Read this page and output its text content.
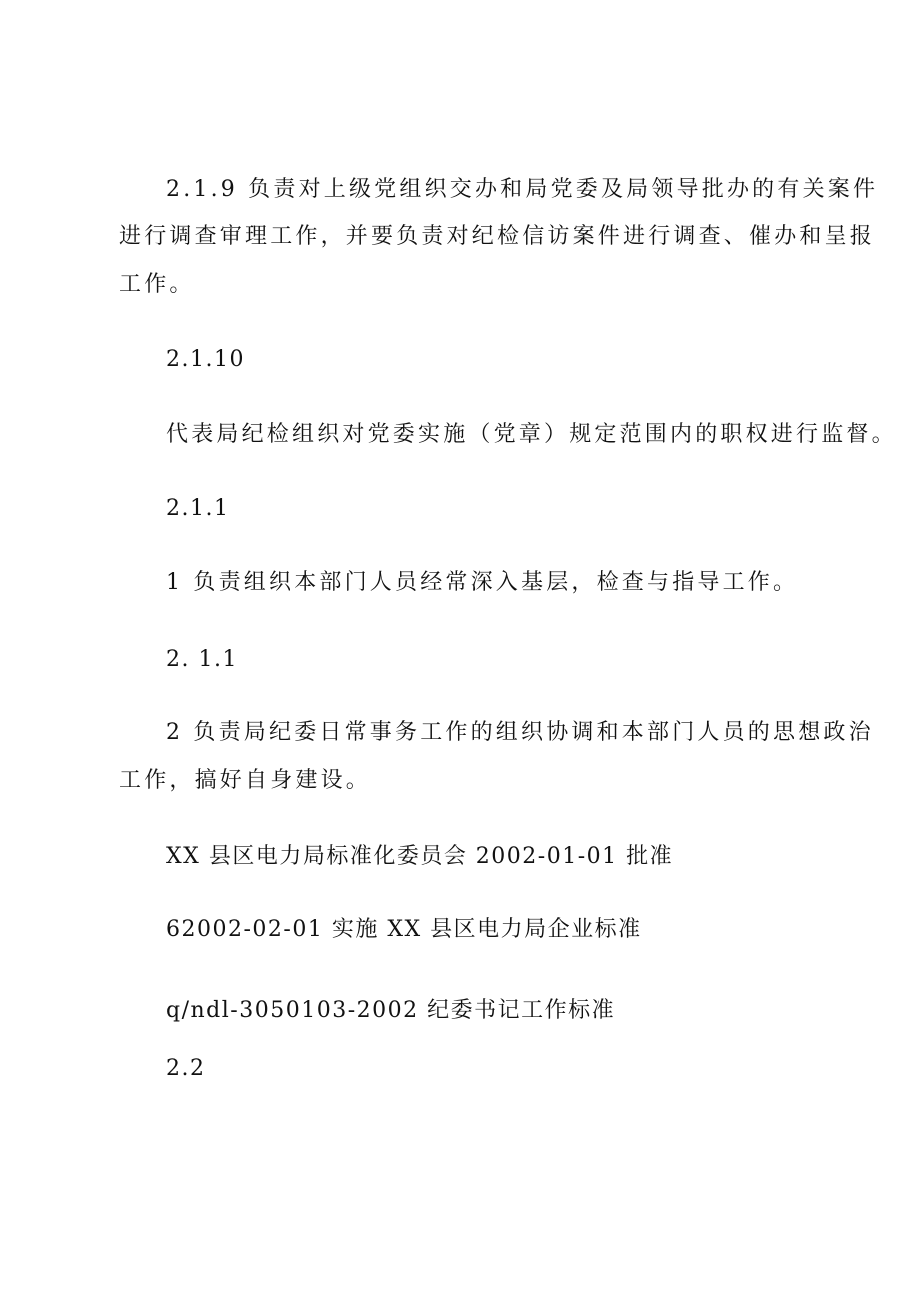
2.1.9 负责对上级党组织交办和局党委及局领导批办的有关案件
进行调查审理工作，并要负责对纪检信访案件进行调查、催办和呈报
工作。
2.1.10
代表局纪检组织对党委实施（党章）规定范围内的职权进行监督。
2.1.1
1 负责组织本部门人员经常深入基层，检查与指导工作。
2. 1.1
2 负责局纪委日常事务工作的组织协调和本部门人员的思想政治
工作，搞好自身建设。
XX 县区电力局标准化委员会 2002-01-01 批准
62002-02-01 实施 XX 县区电力局企业标准
q/ndl-3050103-2002 纪委书记工作标准
2.2
